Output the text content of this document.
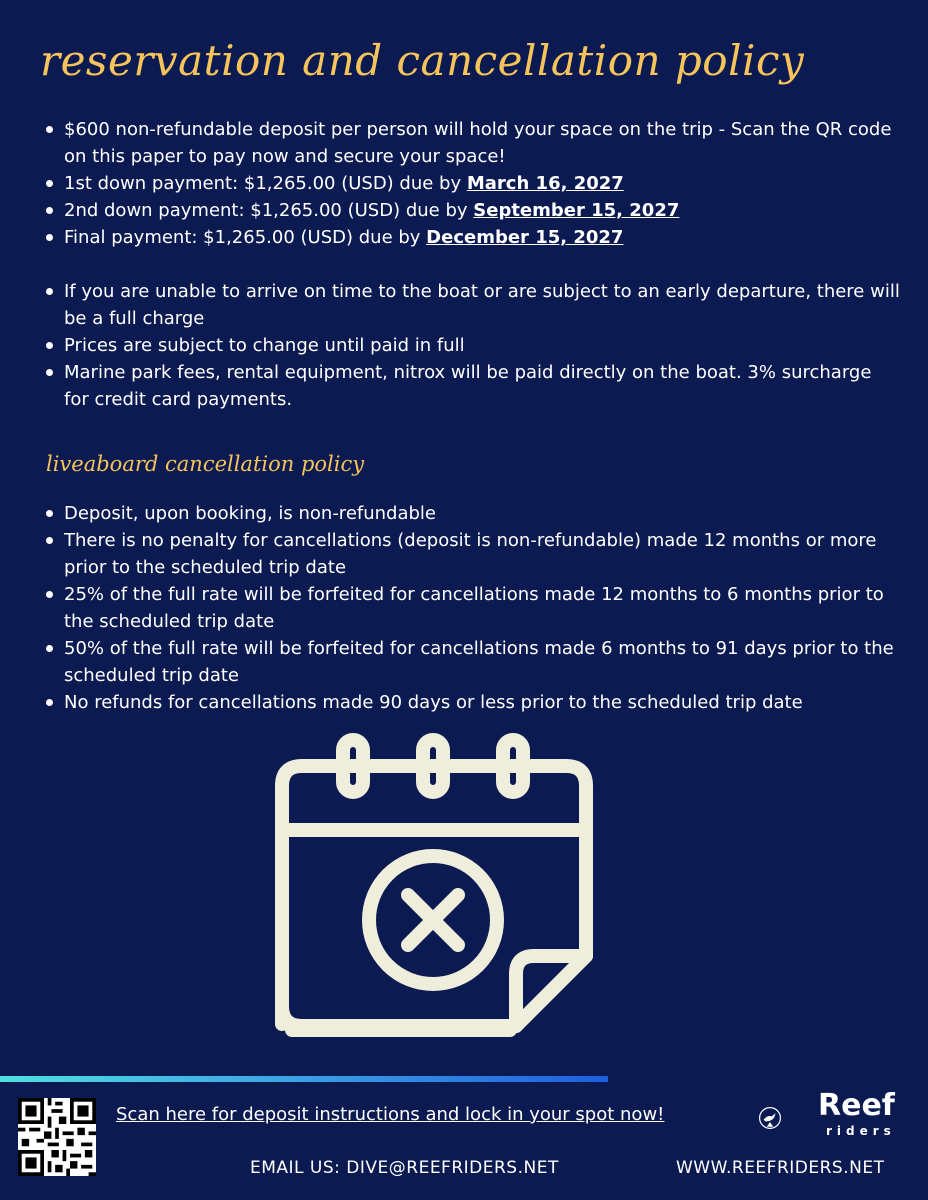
reservation and cancellation policy
$600 non-refundable deposit per person will hold your space on the trip - Scan the QR code on this paper to pay now and secure your space!
1st down payment: $1,265.00 (USD) due by March 16, 2027
2nd down payment: $1,265.00 (USD) due by September 15, 2027
Final payment: $1,265.00 (USD) due by December 15, 2027
If you are unable to arrive on time to the boat or are subject to an early departure, there will be a full charge
Prices are subject to change until paid in full
Marine park fees, rental equipment, nitrox will be paid directly on the boat. 3% surcharge for credit card payments.
liveaboard cancellation policy
Deposit, upon booking, is non-refundable
There is no penalty for cancellations (deposit is non-refundable) made 12 months or more prior to the scheduled trip date
25% of the full rate will be forfeited for cancellations made 12 months to 6 months prior to the scheduled trip date
50% of the full rate will be forfeited for cancellations made 6 months to 91 days prior to the scheduled trip date
No refunds for cancellations made 90 days or less prior to the scheduled trip date
Scan here for deposit instructions and lock in your spot now!	Reef
riders
EMAIL US: DIVE@REEFRIDERS.NET	WWW.REEFRIDERS.NET
